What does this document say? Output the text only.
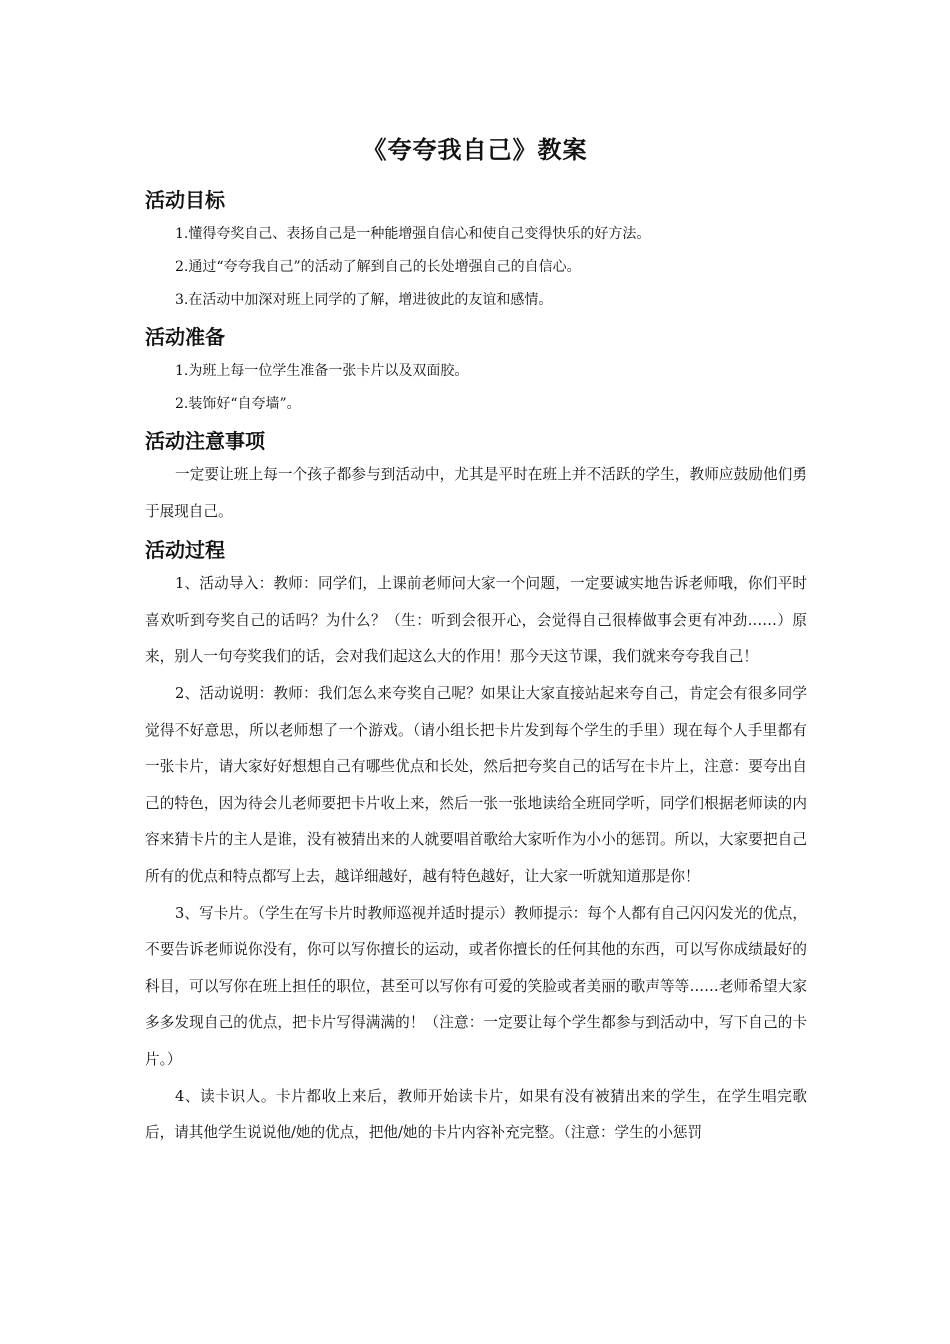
《夸夸我自己》教案
活动目标

1.懂得夸奖自己、表扬自己是一种能增强自信心和使自己变得快乐的好方法。

2.通过“夸夸我自己”的活动了解到自己的长处增强自己的自信心。

3.在活动中加深对班上同学的了解，增进彼此的友谊和感情。

活动准备

1.为班上每一位学生准备一张卡片以及双面胶。

2.装饰好“自夸墙”。

活动注意事项

一定要让班上每一个孩子都参与到活动中，尤其是平时在班上并不活跃的学生，教师应鼓励他们勇于展现自己。

活动过程

1、活动导入：教师：同学们，上课前老师问大家一个问题，一定要诚实地告诉老师哦，你们平时喜欢听到夸奖自己的话吗？为什么？（生：听到会很开心，会觉得自己很棒做事会更有冲劲……）原来，别人一句夸奖我们的话，会对我们起这么大的作用！那今天这节课，我们就来夸夸我自己！

2、活动说明：教师：我们怎么来夸奖自己呢？如果让大家直接站起来夸自己，肯定会有很多同学觉得不好意思，所以老师想了一个游戏。（请小组长把卡片发到每个学生的手里）现在每个人手里都有一张卡片，请大家好好想想自己有哪些优点和长处，然后把夸奖自己的话写在卡片上，注意：要夸出自己的特色，因为待会儿老师要把卡片收上来，然后一张一张地读给全班同学听，同学们根据老师读的内容来猜卡片的主人是谁，没有被猜出来的人就要唱首歌给大家听作为小小的惩罚。所以，大家要把自己所有的优点和特点都写上去，越详细越好，越有特色越好，让大家一听就知道那是你！

3、写卡片。（学生在写卡片时教师巡视并适时提示）教师提示：每个人都有自己闪闪发光的优点，不要告诉老师说你没有，你可以写你擅长的运动，或者你擅长的任何其他的东西，可以写你成绩最好的科目，可以写你在班上担任的职位，甚至可以写你有可爱的笑脸或者美丽的歌声等等……老师希望大家多多发现自己的优点，把卡片写得满满的！（注意：一定要让每个学生都参与到活动中，写下自己的卡片。）

4、读卡识人。卡片都收上来后，教师开始读卡片，如果有没有被猜出来的学生，在学生唱完歌后，请其他学生说说他/她的优点，把他/她的卡片内容补充完整。（注意：学生的小惩罚
